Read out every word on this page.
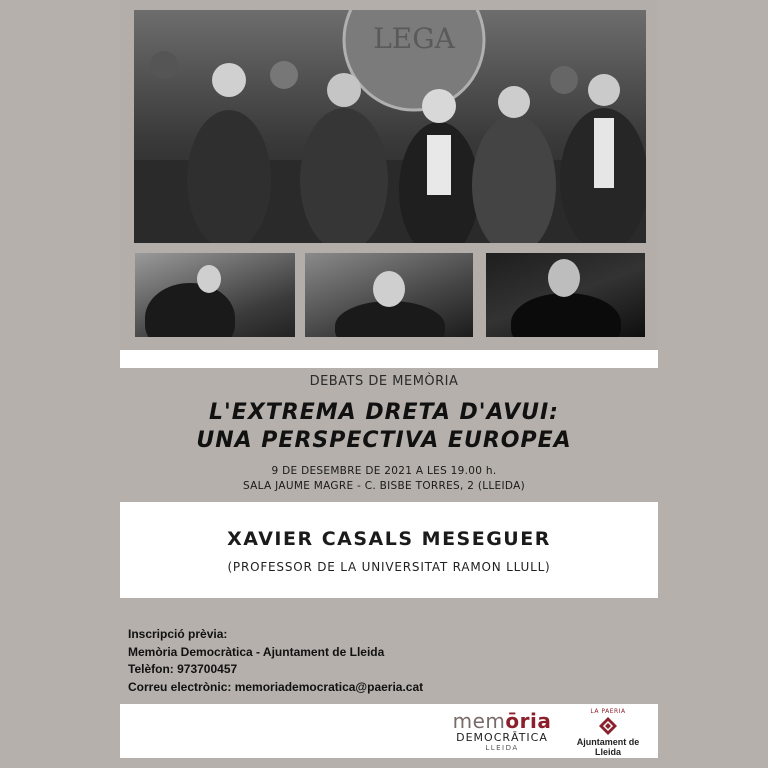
LEGA
DEBATS DE MEMÒRIA
L'EXTREMA DRETA D'AVUI:
UNA PERSPECTIVA EUROPEA
9 DE DESEMBRE DE 2021 A LES 19.00 h.
SALA JAUME MAGRE - C. BISBE TORRES, 2 (LLEIDA)
XAVIER CASALS MESEGUER
(PROFESSOR DE LA UNIVERSITAT RAMON LLULL)
Inscripció prèvia:
Memòria Democràtica - Ajuntament de Lleida
Telèfon: 973700457
Correu electrònic: memoriademocratica@paeria.cat
memōria
DEMOCRĀTICA
LLEIDA
LA PAERIA
Ajuntament de Lleida
